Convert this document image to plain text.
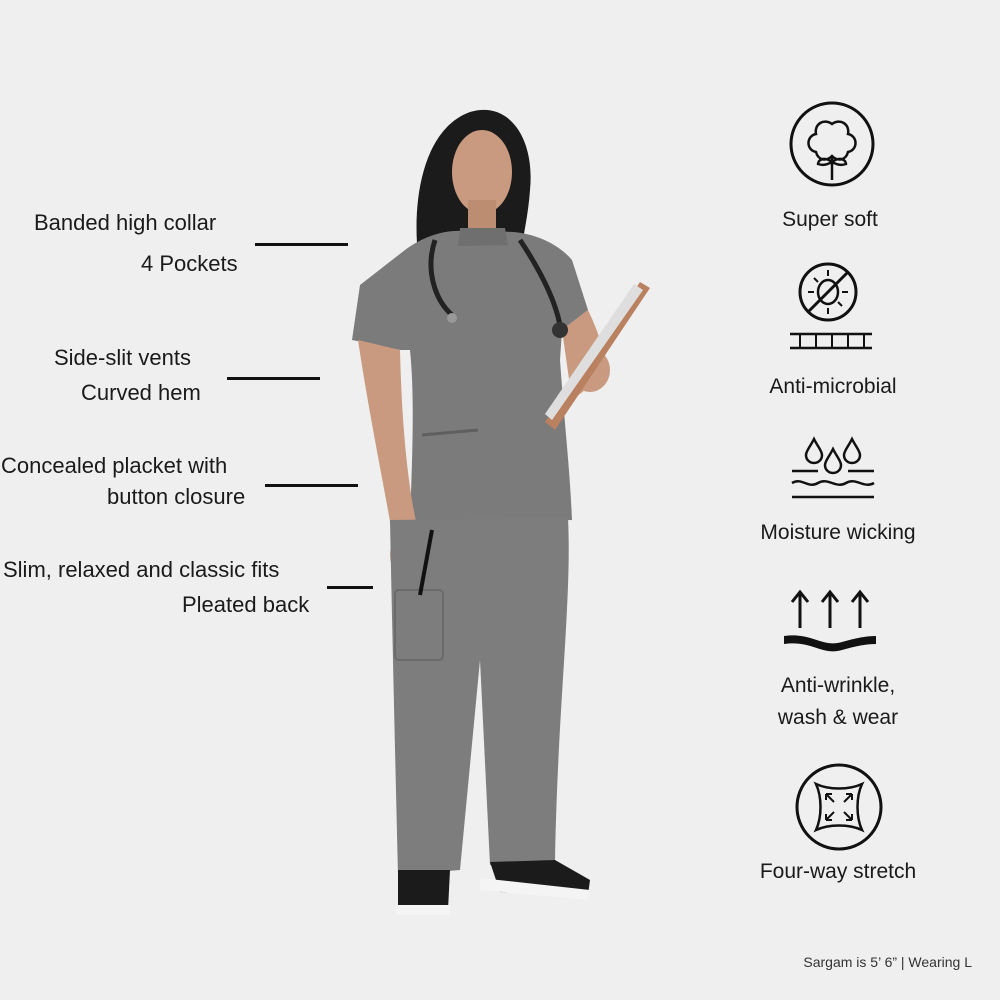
Banded high collar
4 Pockets
Side-slit vents
Curved hem
Concealed placket with
button closure
Slim, relaxed and classic fits
Pleated back
Super soft
Anti-microbial
Moisture wicking
Anti-wrinkle,
wash & wear
Four-way stretch
Sargam is 5’ 6” | Wearing L
